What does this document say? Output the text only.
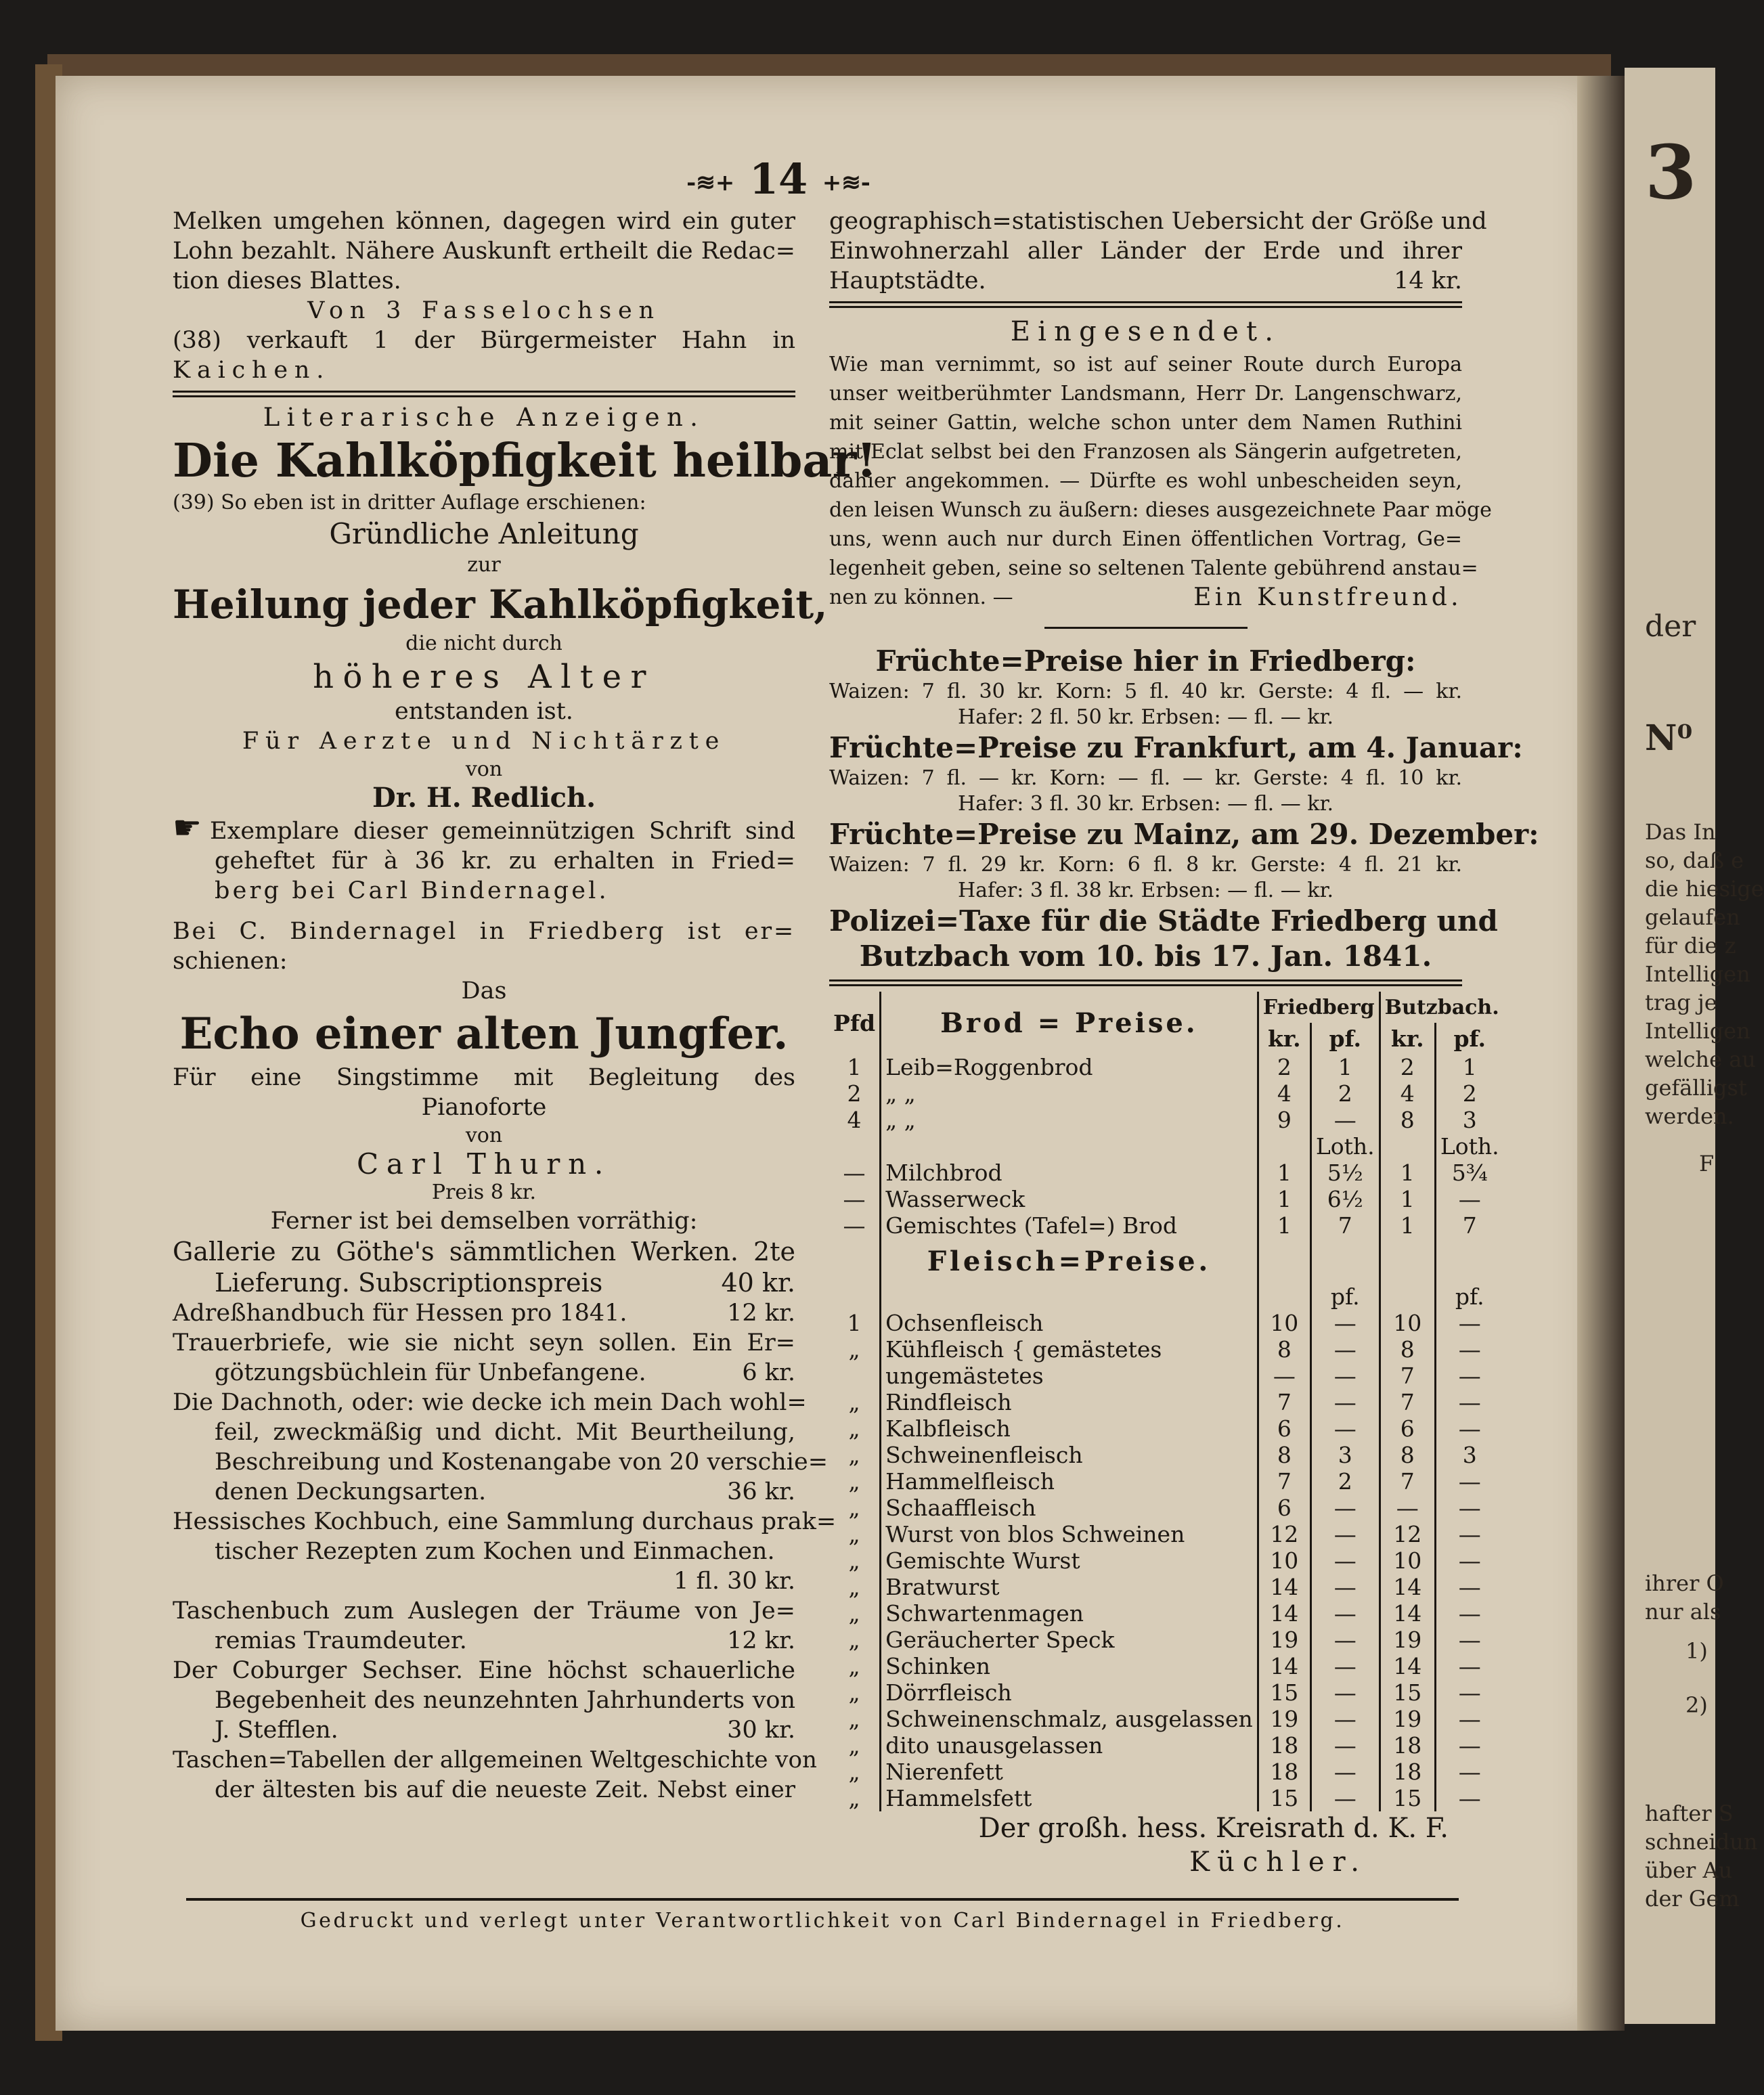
3
der
N⁰
Das In
so, daß e
die hiesige
gelaufen
für die z
Intelligen
trag je
Intelligen
welche au
gefälligst
werden.
F
ihrer O
nur als
1)
2)
hafter S
schneidun
über Au
der Gem
-≋+ 14 +≋-
Melken umgehen können, dagegen wird ein guter
Lohn bezahlt. Nähere Auskunft ertheilt die Redac=
tion dieses Blattes.
Von 3 Fasselochsen
(38) verkauft 1 der Bürgermeister Hahn in
Kaichen.
Literarische Anzeigen.
Die Kahlköpfigkeit heilbar!
(39) So eben ist in dritter Auflage erschienen:
Gründliche Anleitung
zur
Heilung jeder Kahlköpfigkeit,
die nicht durch
höheres Alter
entstanden ist.
Für Aerzte und Nichtärzte
von
Dr. H. Redlich.
☛ Exemplare dieser gemeinnützigen Schrift sind
geheftet für à 36 kr. zu erhalten in Fried=
berg bei Carl Bindernagel.
Bei C. Bindernagel in Friedberg ist er=
schienen:
Das
Echo einer alten Jungfer.
Für eine Singstimme mit Begleitung des
Pianoforte
von
Carl Thurn.
Preis 8 kr.
Ferner ist bei demselben vorräthig:
Gallerie zu Göthe's sämmtlichen Werken. 2te
Lieferung. Subscriptionspreis	40 kr.
Adreßhandbuch für Hessen pro 1841.	12 kr.
Trauerbriefe, wie sie nicht seyn sollen. Ein Er=
götzungsbüchlein für Unbefangene.	6 kr.
Die Dachnoth, oder: wie decke ich mein Dach wohl=
feil, zweckmäßig und dicht. Mit Beurtheilung,
Beschreibung und Kostenangabe von 20 verschie=
denen Deckungsarten.	36 kr.
Hessisches Kochbuch, eine Sammlung durchaus prak=
tischer Rezepten zum Kochen und Einmachen.
1 fl. 30 kr.
Taschenbuch zum Auslegen der Träume von Je=
remias Traumdeuter.	12 kr.
Der Coburger Sechser. Eine höchst schauerliche
Begebenheit des neunzehnten Jahrhunderts von
J. Stefflen.	30 kr.
Taschen=Tabellen der allgemeinen Weltgeschichte von
der ältesten bis auf die neueste Zeit. Nebst einer
geographisch=statistischen Uebersicht der Größe und
Einwohnerzahl aller Länder der Erde und ihrer
Hauptstädte.	14 kr.
Eingesendet.
Wie man vernimmt, so ist auf seiner Route durch Europa
unser weitberühmter Landsmann, Herr Dr. Langenschwarz,
mit seiner Gattin, welche schon unter dem Namen Ruthini
mit Eclat selbst bei den Franzosen als Sängerin aufgetreten,
dahier angekommen. — Dürfte es wohl unbescheiden seyn,
den leisen Wunsch zu äußern: dieses ausgezeichnete Paar möge
uns, wenn auch nur durch Einen öffentlichen Vortrag, Ge=
legenheit geben, seine so seltenen Talente gebührend anstau=
nen zu können. —	Ein Kunstfreund.
Früchte=Preise hier in Friedberg:
Waizen: 7 fl. 30 kr. Korn: 5 fl. 40 kr. Gerste: 4 fl. — kr.
Hafer: 2 fl. 50 kr. Erbsen: — fl. — kr.
Früchte=Preise zu Frankfurt, am 4. Januar:
Waizen: 7 fl. — kr. Korn: — fl. — kr. Gerste: 4 fl. 10 kr.
Hafer: 3 fl. 30 kr. Erbsen: — fl. — kr.
Früchte=Preise zu Mainz, am 29. Dezember:
Waizen: 7 fl. 29 kr. Korn: 6 fl. 8 kr. Gerste: 4 fl. 21 kr.
Hafer: 3 fl. 38 kr. Erbsen: — fl. — kr.
Polizei=Taxe für die Städte Friedberg und
Butzbach vom 10. bis 17. Jan. 1841.
Pfd	Brod = Preise.	Friedberg		Butzbach.	
		kr.	pf.	kr.	pf.
1	Leib=Roggenbrod	2	1	2	1
2	„ „	4	2	4	2
4	„ „	9	—	8	3
			Loth.		Loth.
—	Milchbrod	1	5½	1	5¾
—	Wasserweck	1	6½	1	—
—	Gemischtes (Tafel=) Brod	1	7	1	7
	Fleisch=Preise.				
			pf.		pf.
1	Ochsenfleisch	10	—	10	—
„	Kühfleisch { gemästetes	8	—	8	—
	ungemästetes	—	—	7	—
„	Rindfleisch	7	—	7	—
„	Kalbfleisch	6	—	6	—
„	Schweinenfleisch	8	3	8	3
„	Hammelfleisch	7	2	7	—
„	Schaaffleisch	6	—	—	—
„	Wurst von blos Schweinen	12	—	12	—
„	Gemischte Wurst	10	—	10	—
„	Bratwurst	14	—	14	—
„	Schwartenmagen	14	—	14	—
„	Geräucherter Speck	19	—	19	—
„	Schinken	14	—	14	—
„	Dörrfleisch	15	—	15	—
„	Schweinenschmalz, ausgelassen	19	—	19	—
„	dito unausgelassen	18	—	18	—
„	Nierenfett	18	—	18	—
„	Hammelsfett	15	—	15	—
Der großh. hess. Kreisrath d. K. F.
Küchler.
Gedruckt und verlegt unter Verantwortlichkeit von Carl Bindernagel in Friedberg.
